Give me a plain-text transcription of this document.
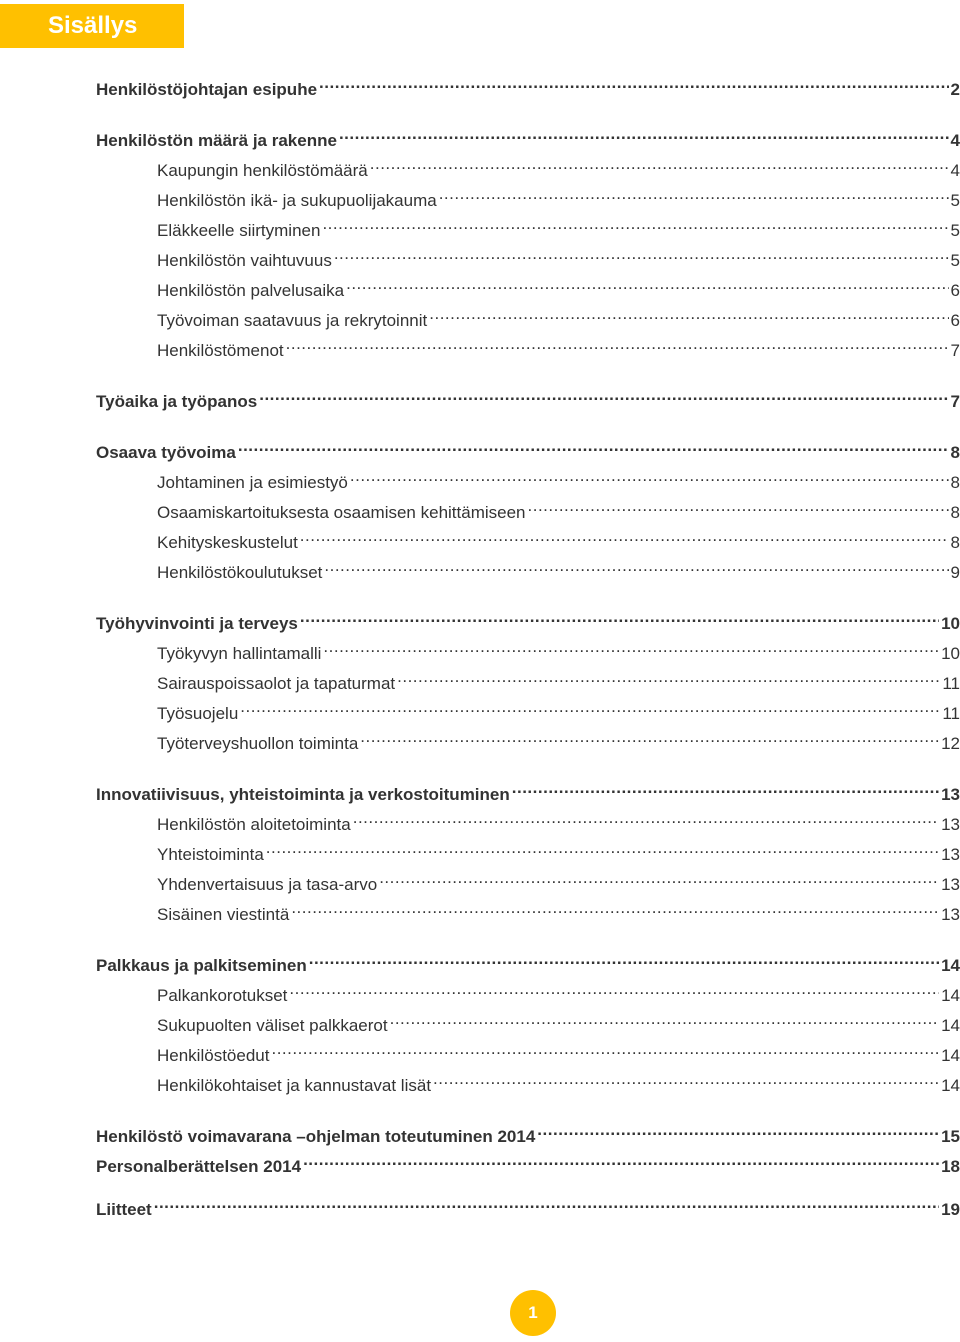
Sisällys
Henkilöstöjohtajan esipuhe .....	2
Henkilöstön määrä ja rakenne .....	4
Kaupungin henkilöstömäärä .....	4
Henkilöstön ikä- ja sukupuolijakauma .....	5
Eläkkeelle siirtyminen .....	5
Henkilöstön vaihtuvuus .....	5
Henkilöstön palvelusaika .....	6
Työvoiman saatavuus ja rekrytoinnit .....	6
Henkilöstömenot .....	7
Työaika ja työpanos .....	7
Osaava työvoima .....	8
Johtaminen ja esimiestyö .....	8
Osaamiskartoituksesta osaamisen kehittämiseen .....	8
Kehityskeskustelut .....	8
Henkilöstökoulutukset .....	9
Työhyvinvointi ja terveys .....	10
Työkyvyn hallintamalli .....	10
Sairauspoissaolot ja tapaturmat .....	11
Työsuojelu .....	11
Työterveyshuollon toiminta .....	12
Innovatiivisuus, yhteistoiminta ja verkostoituminen .....	13
Henkilöstön aloitetoiminta .....	13
Yhteistoiminta .....	13
Yhdenvertaisuus ja tasa-arvo .....	13
Sisäinen viestintä .....	13
Palkkaus ja palkitseminen .....	14
Palkankorotukset .....	14
Sukupuolten väliset palkkaerot .....	14
Henkilöstöedut .....	14
Henkilökohtaiset ja kannustavat lisät .....	14
Henkilöstö voimavarana –ohjelman toteutuminen 2014 .....	15
Personalberättelsen 2014 .....	18
Liitteet .....	19
1
